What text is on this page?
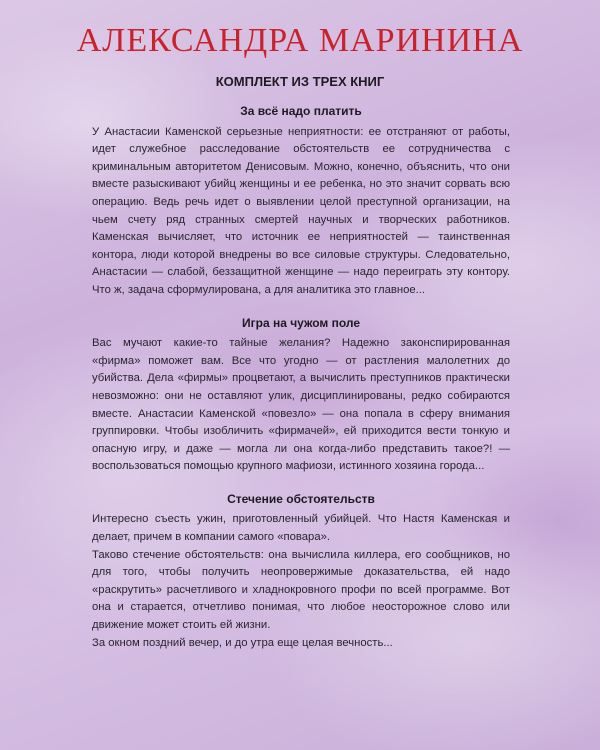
АЛЕКСАНДРА МАРИНИНА
КОМПЛЕКТ ИЗ ТРЕХ КНИГ
За всё надо платить

У Анастасии Каменской серьезные неприятности: ее отстраняют от работы, идет служебное расследование обстоятельств ее сотрудничества с криминальным авторитетом Денисовым. Можно, конечно, объяснить, что они вместе разыскивают убийц женщины и ее ребенка, но это значит сорвать всю операцию. Ведь речь идет о выявлении целой преступной организации, на чьем счету ряд странных смертей научных и творческих работников. Каменская вычисляет, что источник ее неприятностей — таинственная контора, люди которой внедрены во все силовые структуры. Следовательно, Анастасии — слабой, беззащитной женщине — надо переиграть эту контору. Что ж, задача сформулирована, а для аналитика это главное...

Игра на чужом поле

Вас мучают какие-то тайные желания? Надежно законспирированная «фирма» поможет вам. Все что угодно — от растления малолетних до убийства. Дела «фирмы» процветают, а вычислить преступников практически невозможно: они не оставляют улик, дисциплинированы, редко собираются вместе. Анастасии Каменской «повезло» — она попала в сферу внимания группировки. Чтобы изобличить «фирмачей», ей приходится вести тонкую и опасную игру, и даже — могла ли она когда-либо представить такое?! — воспользоваться помощью крупного мафиози, истинного хозяина города...

Стечение обстоятельств

Интересно съесть ужин, приготовленный убийцей. Что Настя Каменская и делает, причем в компании самого «повара».

Таково стечение обстоятельств: она вычислила киллера, его сообщников, но для того, чтобы получить неопровержимые доказательства, ей надо «раскрутить» расчетливого и хладнокровного профи по всей программе. Вот она и старается, отчетливо понимая, что любое неосторожное слово или движение может стоить ей жизни.

За окном поздний вечер, и до утра еще целая вечность...
